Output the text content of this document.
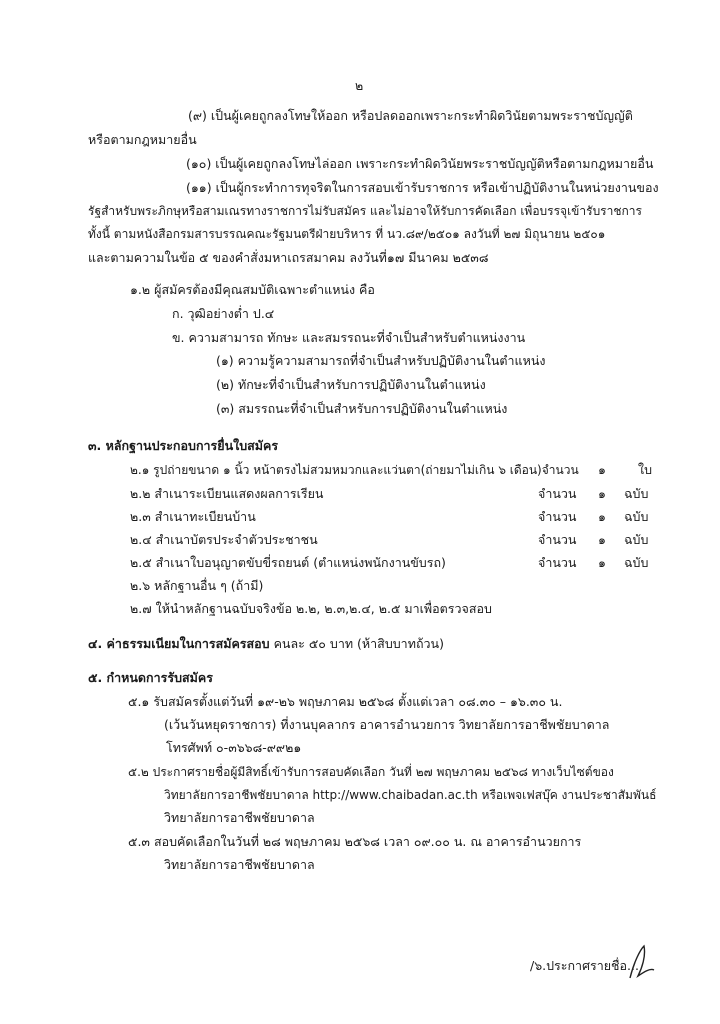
๒
(๙) เป็นผู้เคยถูกลงโทษให้ออก หรือปลดออกเพราะกระทำผิดวินัยตามพระราชบัญญัติ
หรือตามกฎหมายอื่น
(๑๐) เป็นผู้เคยถูกลงโทษไล่ออก เพราะกระทำผิดวินัยพระราชบัญญัติหรือตามกฎหมายอื่น
(๑๑) เป็นผู้กระทำการทุจริตในการสอบเข้ารับราชการ หรือเข้าปฏิบัติงานในหน่วยงานของ
รัฐสำหรับพระภิกษุหรือสามเณรทางราชการไม่รับสมัคร และไม่อาจให้รับการคัดเลือก เพื่อบรรจุเข้ารับราชการ
ทั้งนี้ ตามหนังสือกรมสารบรรณคณะรัฐมนตรีฝ่ายบริหาร ที่ นว.๘๙/๒๕๐๑ ลงวันที่ ๒๗ มิถุนายน ๒๕๐๑
และตามความในข้อ ๕ ของคำสั่งมหาเถรสมาคม ลงวันที่๑๗ มีนาคม ๒๕๓๘
๑.๒ ผู้สมัครต้องมีคุณสมบัติเฉพาะตำแหน่ง คือ
ก. วุฒิอย่างต่ำ ป.๔
ข. ความสามารถ ทักษะ และสมรรถนะที่จำเป็นสำหรับตำแหน่งงาน
(๑) ความรู้ความสามารถที่จำเป็นสำหรับปฏิบัติงานในตำแหน่ง
(๒) ทักษะที่จำเป็นสำหรับการปฏิบัติงานในตำแหน่ง
(๓) สมรรถนะที่จำเป็นสำหรับการปฏิบัติงานในตำแหน่ง
๓. หลักฐานประกอบการยื่นใบสมัคร
๒.๑ รูปถ่ายขนาด ๑ นิ้ว หน้าตรงไม่สวมหมวกและแว่นตา(ถ่ายมาไม่เกิน ๖ เดือน)จำนวน ๑	ใบ
๒.๒ สำเนาระเบียนแสดงผลการเรียน	จำนวน ๑ ฉบับ
๒.๓ สำเนาทะเบียนบ้าน	จำนวน ๑ ฉบับ
๒.๔ สำเนาบัตรประจำตัวประชาชน	จำนวน ๑ ฉบับ
๒.๕ สำเนาใบอนุญาตขับขี่รถยนต์ (ตำแหน่งพนักงานขับรถ)	จำนวน ๑ ฉบับ
๒.๖ หลักฐานอื่น ๆ (ถ้ามี)
๒.๗ ให้นำหลักฐานฉบับจริงข้อ ๒.๒, ๒.๓,๒.๔, ๒.๕ มาเพื่อตรวจสอบ
๔. ค่าธรรมเนียมในการสมัครสอบ คนละ ๕๐ บาท (ห้าสิบบาทถ้วน)
๕. กำหนดการรับสมัคร
๕.๑ รับสมัครตั้งแต่วันที่ ๑๙-๒๖ พฤษภาคม ๒๕๖๘ ตั้งแต่เวลา ๐๘.๓๐ – ๑๖.๓๐ น.
(เว้นวันหยุดราชการ) ที่งานบุคลากร อาคารอำนวยการ วิทยาลัยการอาชีพชัยบาดาล
โทรศัพท์ ๐-๓๖๖๘-๙๙๒๑
๕.๒ ประกาศรายชื่อผู้มีสิทธิ์เข้ารับการสอบคัดเลือก วันที่ ๒๗ พฤษภาคม ๒๕๖๘ ทางเว็บไซต์ของ
วิทยาลัยการอาชีพชัยบาดาล http://www.chaibadan.ac.th หรือเพจเฟสบุ๊ค งานประชาสัมพันธ์
วิทยาลัยการอาชีพชัยบาดาล
๕.๓ สอบคัดเลือกในวันที่ ๒๘ พฤษภาคม ๒๕๖๘ เวลา ๐๙.๐๐ น. ณ อาคารอำนวยการ
วิทยาลัยการอาชีพชัยบาดาล
/๖.ประกาศรายชื่อ...
